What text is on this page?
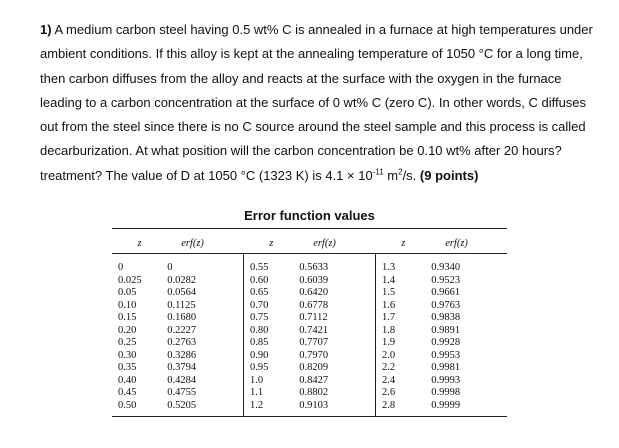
1) A medium carbon steel having 0.5 wt% C is annealed in a furnace at high temperatures under ambient conditions. If this alloy is kept at the annealing temperature of 1050 °C for a long time, then carbon diffuses from the alloy and reacts at the surface with the oxygen in the furnace leading to a carbon concentration at the surface of 0 wt% C (zero C). In other words, C diffuses out from the steel since there is no C source around the steel sample and this process is called decarburization. At what position will the carbon concentration be 0.10 wt% after 20 hours? treatment? The value of D at 1050 °C (1323 K) is $4.1 \times 10^{-11}$ $m^2/s$. (9 points)
Error function values
z	erf(z)	z	erf(z)	z	erf(z)
0	0	0.55	0.5633	1.3	0.9340
0.025	0.0282	0.60	0.6039	1.4	0.9523
0.05	0.0564	0.65	0.6420	1.5	0.9661
0.10	0.1125	0.70	0.6778	1.6	0.9763
0.15	0.1680	0.75	0.7112	1.7	0.9838
0.20	0.2227	0.80	0.7421	1.8	0.9891
0.25	0.2763	0.85	0.7707	1.9	0.9928
0.30	0.3286	0.90	0.7970	2.0	0.9953
0.35	0.3794	0.95	0.8209	2.2	0.9981
0.40	0.4284	1.0	0.8427	2.4	0.9993
0.45	0.4755	1.1	0.8802	2.6	0.9998
0.50	0.5205	1.2	0.9103	2.8	0.9999
